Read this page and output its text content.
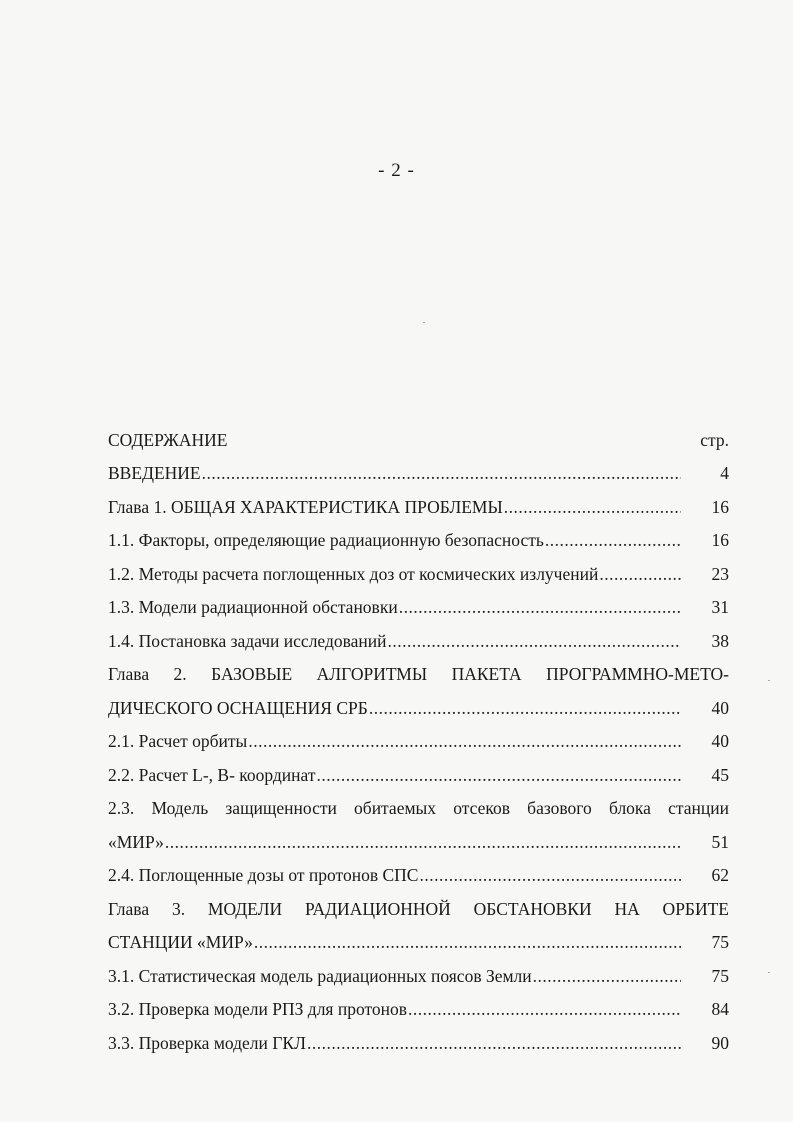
- 2 -
СОДЕРЖАНИЕ	стр.
ВВЕДЕНИЕ .....	4
Глава 1. ОБЩАЯ ХАРАКТЕРИСТИКА ПРОБЛЕМЫ .....	16
1.1. Факторы, определяющие радиационную безопасность .....	16
1.2. Методы расчета поглощенных доз от космических излучений .....	23
1.3. Модели радиационной обстановки .....	31
1.4. Постановка задачи исследований .....	38
Глава 2. БАЗОВЫЕ АЛГОРИТМЫ ПАКЕТА ПРОГРАММНО-МЕТО-
ДИЧЕСКОГО ОСНАЩЕНИЯ СРБ .....	40
2.1. Расчет орбиты .....	40
2.2. Расчет L-, B- координат .....	45
2.3. Модель защищенности обитаемых отсеков базового блока станции
«МИР» .....	51
2.4. Поглощенные дозы от протонов СПС .....	62
Глава 3. МОДЕЛИ РАДИАЦИОННОЙ ОБСТАНОВКИ НА ОРБИТЕ
СТАНЦИИ «МИР» .....	75
3.1. Статистическая модель радиационных поясов Земли .....	75
3.2. Проверка модели РПЗ для протонов .....	84
3.3. Проверка модели ГКЛ .....	90
